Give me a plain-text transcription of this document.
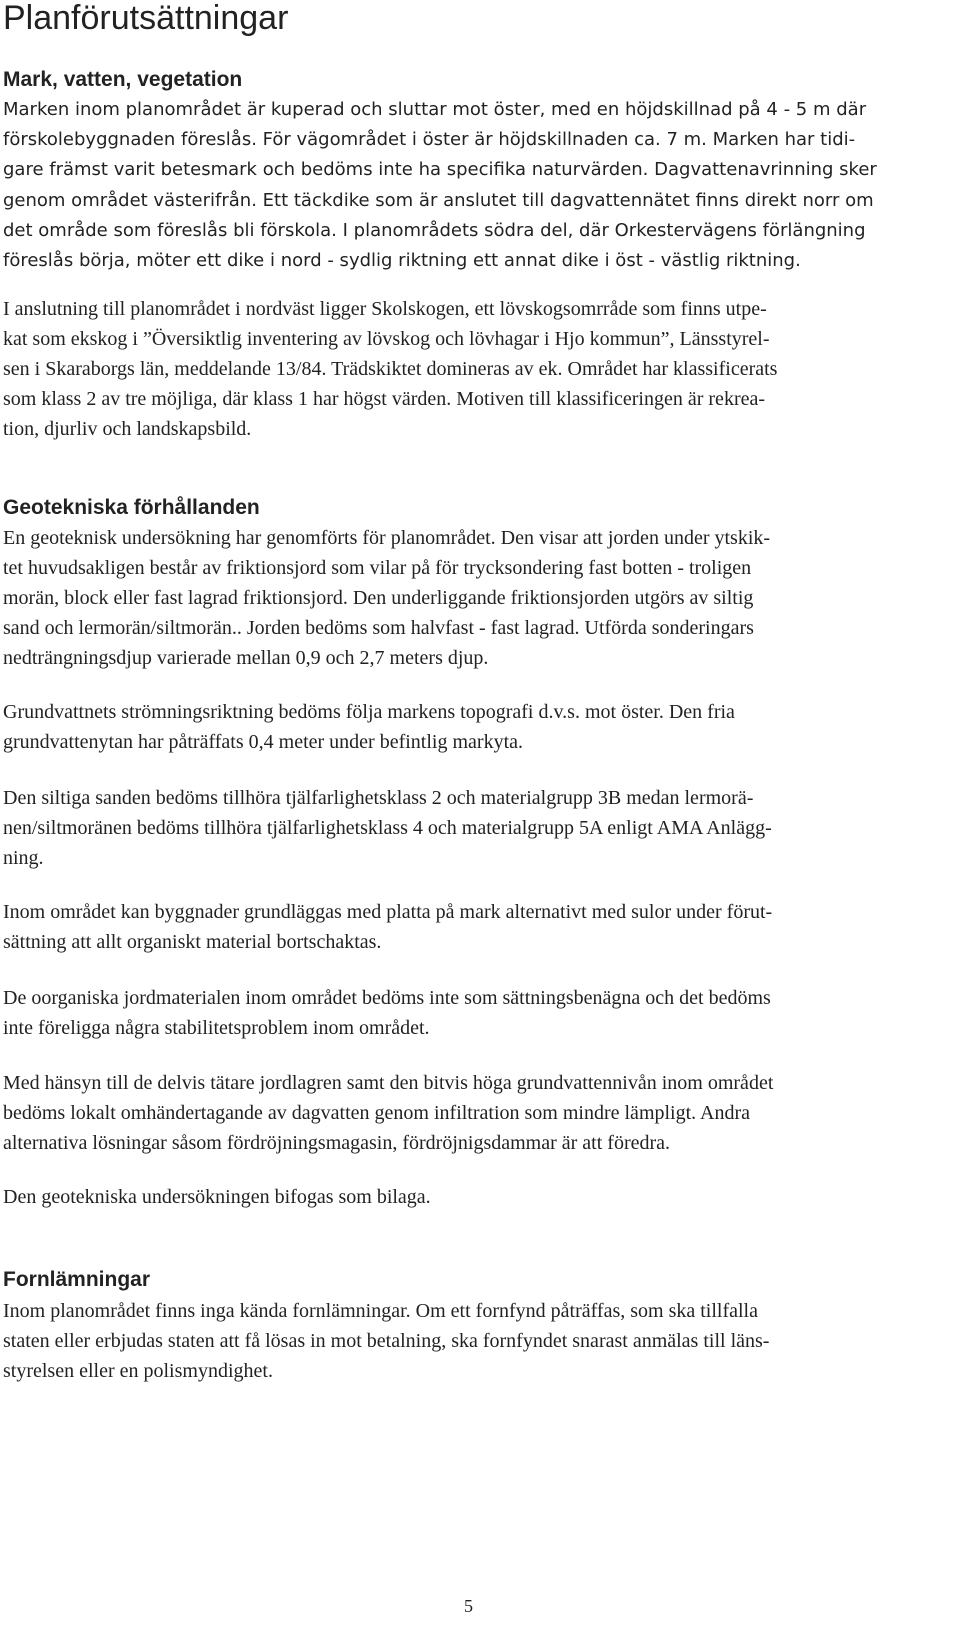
Planförutsättningar
Mark, vatten, vegetation

Marken inom planområdet är kuperad och sluttar mot öster, med en höjdskillnad på 4 - 5 m där
förskolebyggnaden föreslås. För vägområdet i öster är höjdskillnaden ca. 7 m. Marken har tidi-
gare främst varit betesmark och bedöms inte ha specifika naturvärden. Dagvattenavrinning sker
genom området västerifrån. Ett täckdike som är anslutet till dagvattennätet finns direkt norr om
det område som föreslås bli förskola. I planområdets södra del, där Orkestervägens förlängning
föreslås börja, möter ett dike i nord - sydlig riktning ett annat dike i öst - västlig riktning.

I anslutning till planområdet i nordväst ligger Skolskogen, ett lövskogsomrråde som finns utpe-
kat som ekskog i ”Översiktlig inventering av lövskog och lövhagar i Hjo kommun”, Länsstyrel-
sen i Skaraborgs län, meddelande 13/84. Trädskiktet domineras av ek. Området har klassificerats
som klass 2 av tre möjliga, där klass 1 har högst värden. Motiven till klassificeringen är rekrea-
tion, djurliv och landskapsbild.

Geotekniska förhållanden

En geoteknisk undersökning har genomförts för planområdet. Den visar att jorden under ytskik-
tet huvudsakligen består av friktionsjord som vilar på för trycksondering fast botten - troligen
morän, block eller fast lagrad friktionsjord. Den underliggande friktionsjorden utgörs av siltig
sand och lermorän/siltmorän.. Jorden bedöms som halvfast - fast lagrad. Utförda sonderingars
nedträngningsdjup varierade mellan 0,9 och 2,7 meters djup.

Grundvattnets strömningsriktning bedöms följa markens topografi d.v.s. mot öster. Den fria
grundvattenytan har påträffats 0,4 meter under befintlig markyta.

Den siltiga sanden bedöms tillhöra tjälfarlighetsklass 2 och materialgrupp 3B medan lermorä-
nen/siltmoränen bedöms tillhöra tjälfarlighetsklass 4 och materialgrupp 5A enligt AMA Anlägg-
ning.

Inom området kan byggnader grundläggas med platta på mark alternativt med sulor under förut-
sättning att allt organiskt material bortschaktas.

De oorganiska jordmaterialen inom området bedöms inte som sättningsbenägna och det bedöms
inte föreligga några stabilitetsproblem inom området.

Med hänsyn till de delvis tätare jordlagren samt den bitvis höga grundvattennivån inom området
bedöms lokalt omhändertagande av dagvatten genom infiltration som mindre lämpligt. Andra
alternativa lösningar såsom fördröjningsmagasin, fördröjnigsdammar är att föredra.

Den geotekniska undersökningen bifogas som bilaga.

Fornlämningar

Inom planområdet finns inga kända fornlämningar. Om ett fornfynd påträffas, som ska tillfalla
staten eller erbjudas staten att få lösas in mot betalning, ska fornfyndet snarast anmälas till läns-
styrelsen eller en polismyndighet.

5
